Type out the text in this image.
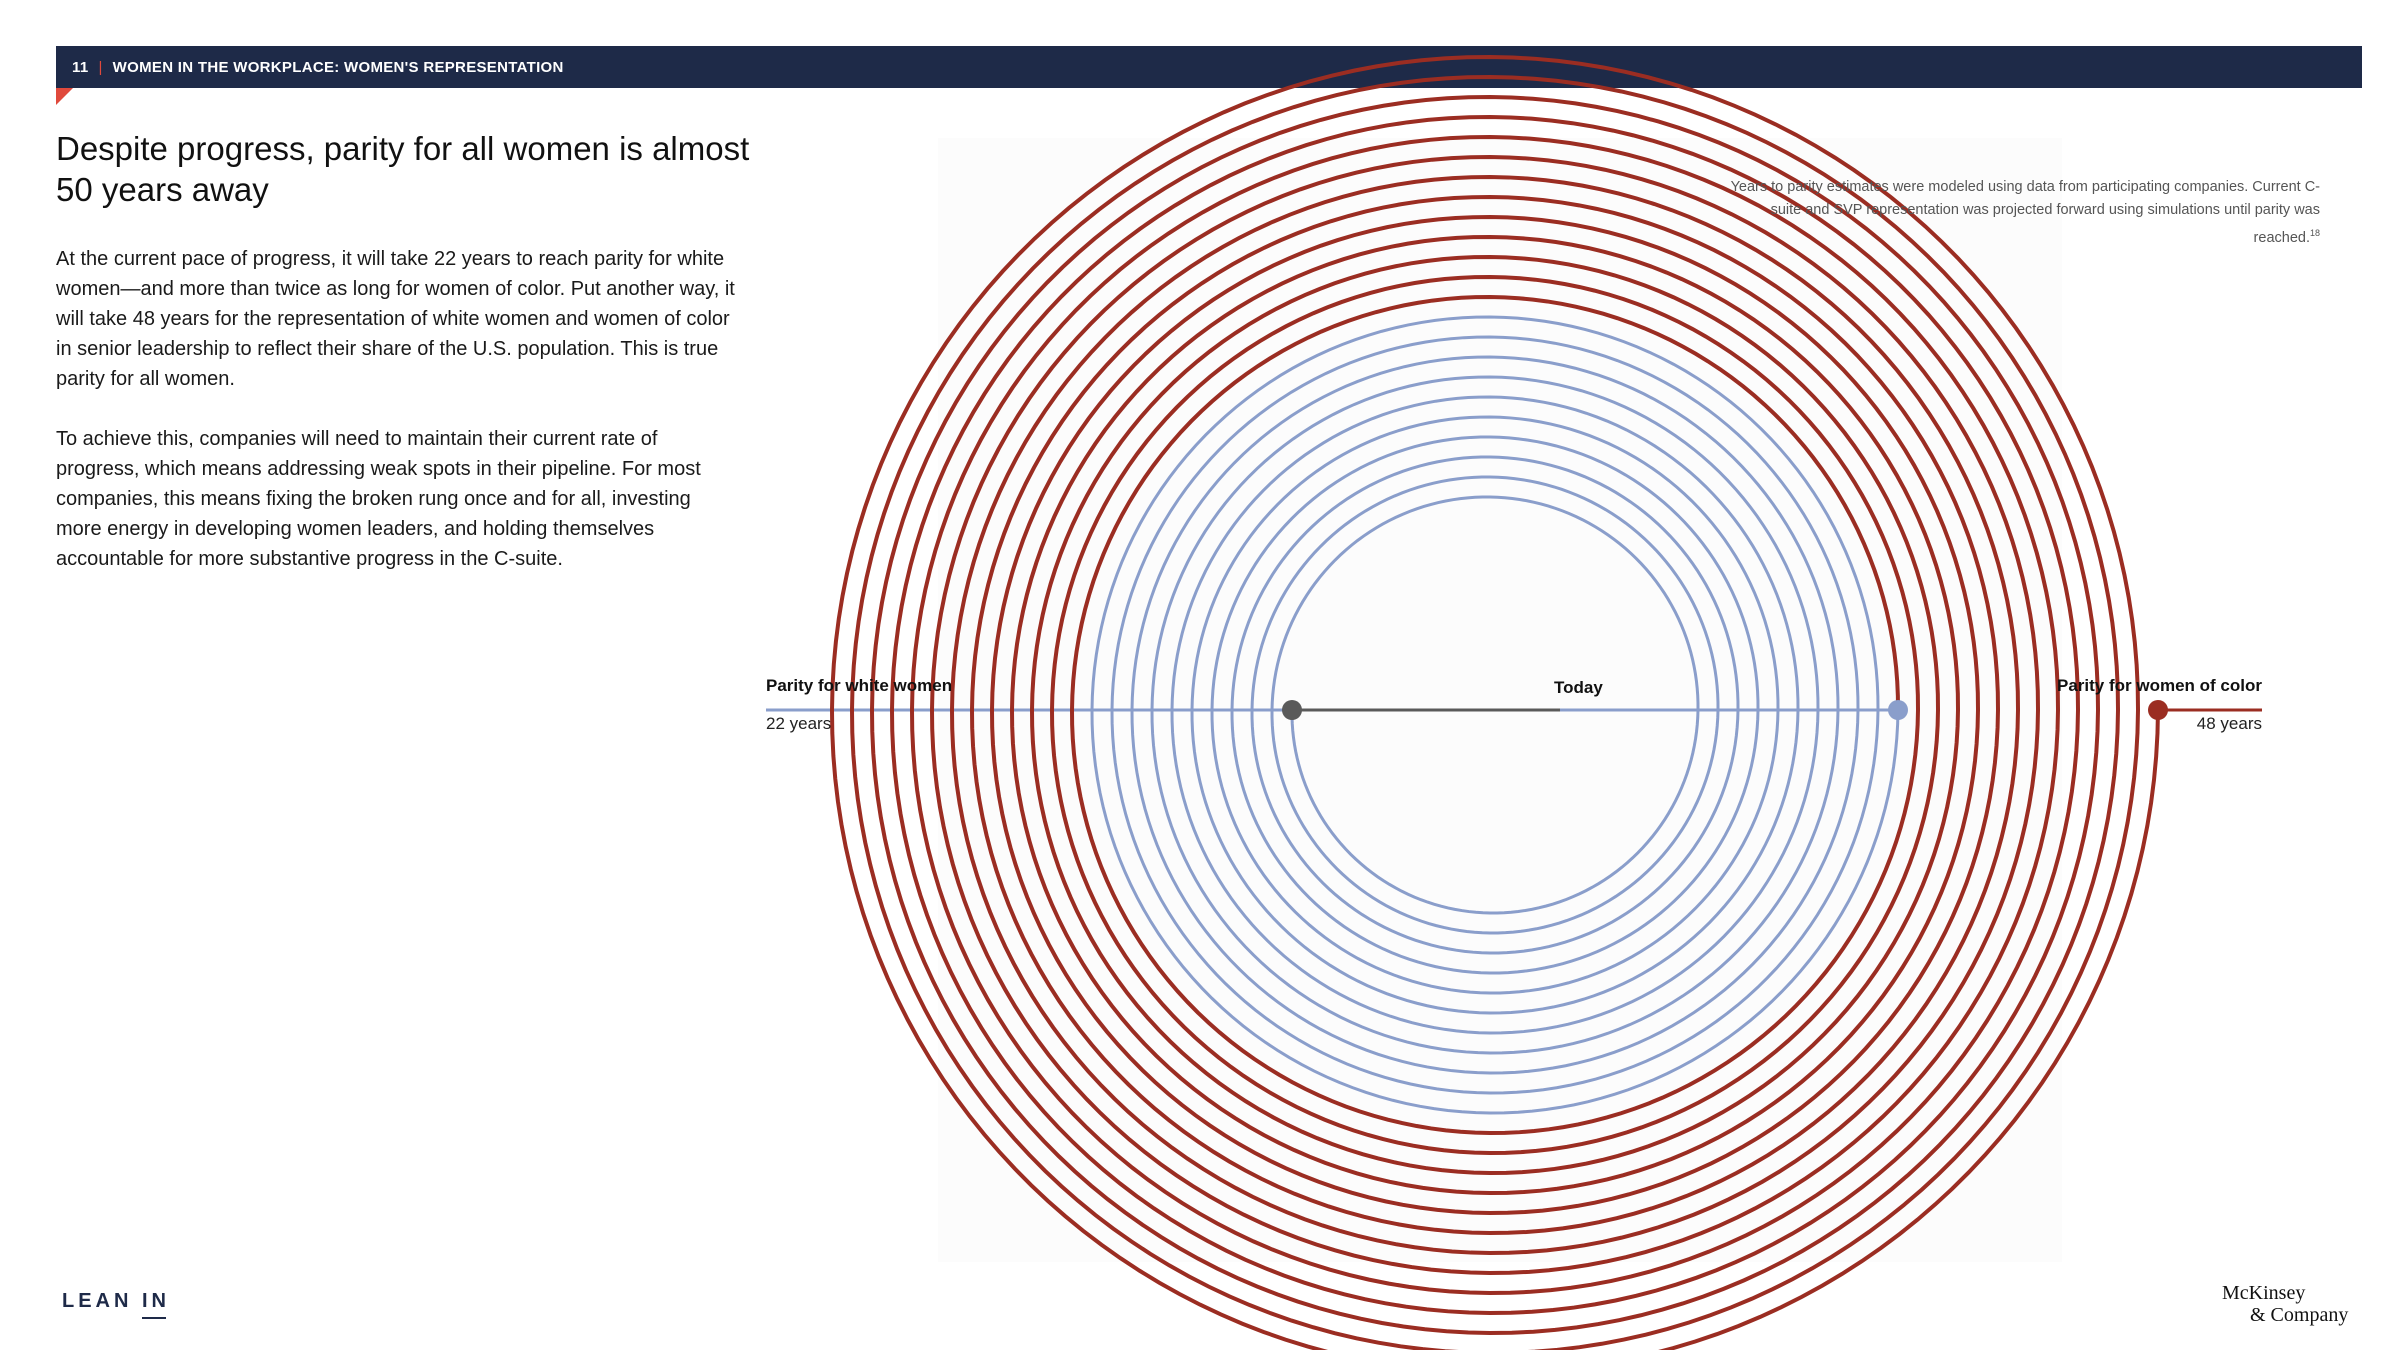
11 | WOMEN IN THE WORKPLACE: WOMEN'S REPRESENTATION
Despite progress, parity for all women is almost 50 years away

At the current pace of progress, it will take 22 years to reach parity for white women—and more than twice as long for women of color. Put another way, it will take 48 years for the representation of white women and women of color in senior leadership to reflect their share of the U.S. population. This is true parity for all women.

To achieve this, companies will need to maintain their current rate of progress, which means addressing weak spots in their pipeline. For most companies, this means fixing the broken rung once and for all, investing more energy in developing women leaders, and holding themselves accountable for more substantive progress in the C-suite.

Years to parity estimates were modeled using data from participating companies. Current C-suite and SVP representation was projected forward using simulations until parity was reached.$^{18}$
Today
Parity for white women
22 years
Parity for women of color
48 years
LEAN IN	McKinsey
& Company
